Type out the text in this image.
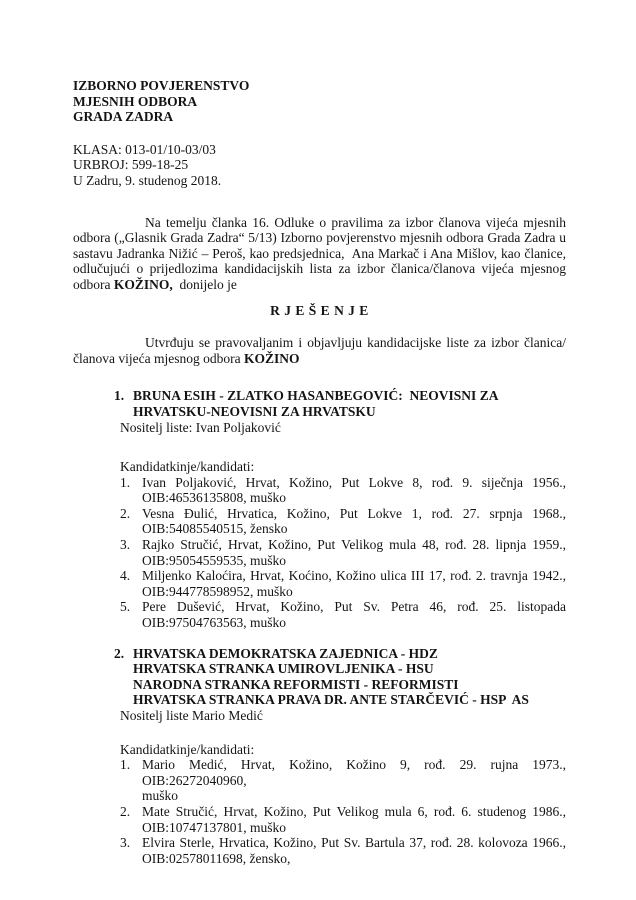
IZBORNO POVJERENSTVO
MJESNIH ODBORA
GRADA ZADRA
KLASA: 013-01/10-03/03
URBROJ: 599-18-25
U Zadru, 9. studenog 2018.

Na temelju članka 16. Odluke o pravilima za izbor članova vijeća mjesnih odbora („Glasnik Grada Zadra“ 5/13) Izborno povjerenstvo mjesnih odbora Grada Zadra u sastavu Jadranka Nižić – Peroš, kao predsjednica,  Ana Markač i Ana Mišlov, kao članice, odlučujući o prijedlozima kandidacijskih lista za izbor članica/članova vijeća mjesnog odbora KOŽINO,  donijelo je

R J E Š E N J E

Utvrđuju se pravovaljanim i objavljuju kandidacijske liste za izbor članica/članova vijeća mjesnog odbora KOŽINO

1. BRUNA ESIH - ZLATKO HASANBEGOVIĆ:  NEOVISNI ZA
HRVATSKU-NEOVISNI ZA HRVATSKU
Nositelj liste: Ivan Poljaković
Kandidatkinje/kandidati:
1. Ivan Poljaković, Hrvat, Kožino, Put Lokve 8, rođ. 9. siječnja 1956.,
OIB:46536135808, muško
2. Vesna Đulić, Hrvatica, Kožino, Put Lokve 1, rođ. 27. srpnja 1968.,
OIB:54085540515, žensko
3. Rajko Stručić, Hrvat, Kožino, Put Velikog mula 48, rođ. 28. lipnja 1959.,
OIB:95054559535, muško
4. Miljenko Kaloćira, Hrvat, Koćino, Kožino ulica III 17, rođ. 2. travnja 1942.,
OIB:944778598952, muško
5. Pere Dušević, Hrvat, Kožino, Put Sv. Petra 46, rođ. 25. listopada
OIB:97504763563, muško
2. HRVATSKA DEMOKRATSKA ZAJEDNICA - HDZ
HRVATSKA STRANKA UMIROVLJENIKA - HSU
NARODNA STRANKA REFORMISTI - REFORMISTI
HRVATSKA STRANKA PRAVA DR. ANTE STARČEVIĆ - HSP  AS
Nositelj liste Mario Medić
Kandidatkinje/kandidati:
1. Mario Medić, Hrvat, Kožino, Kožino 9, rođ. 29. rujna 1973., OIB:26272040960,
muško
2. Mate Stručić, Hrvat, Kožino, Put Velikog mula 6, rođ. 6. studenog 1986.,
OIB:10747137801, muško
3. Elvira Sterle, Hrvatica, Kožino, Put Sv. Bartula 37, rođ. 28. kolovoza 1966.,
OIB:02578011698, žensko,
